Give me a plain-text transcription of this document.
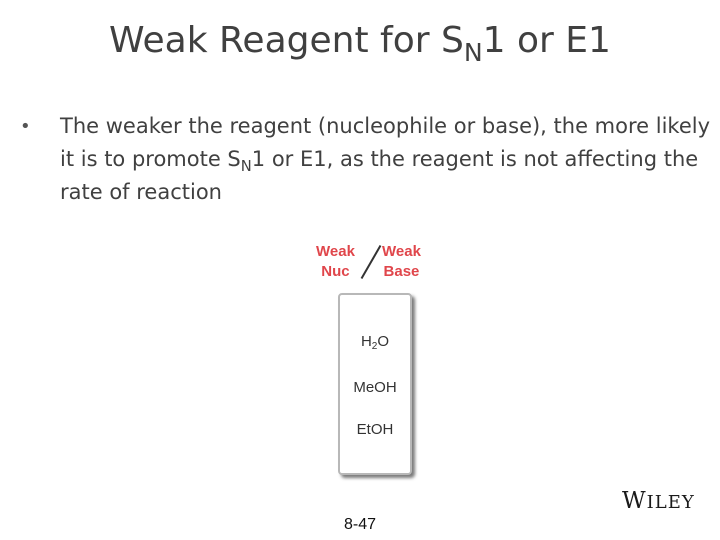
Weak Reagent for $S_N1$ or E1
• The weaker the reagent (nucleophile or base), the more likely it is to promote $S_N1$ or E1, as the reagent is not affecting the rate of reaction
Weak
Nuc
Weak
Base
$H_2O$
MeOH
EtOH
8-47
WILEY
